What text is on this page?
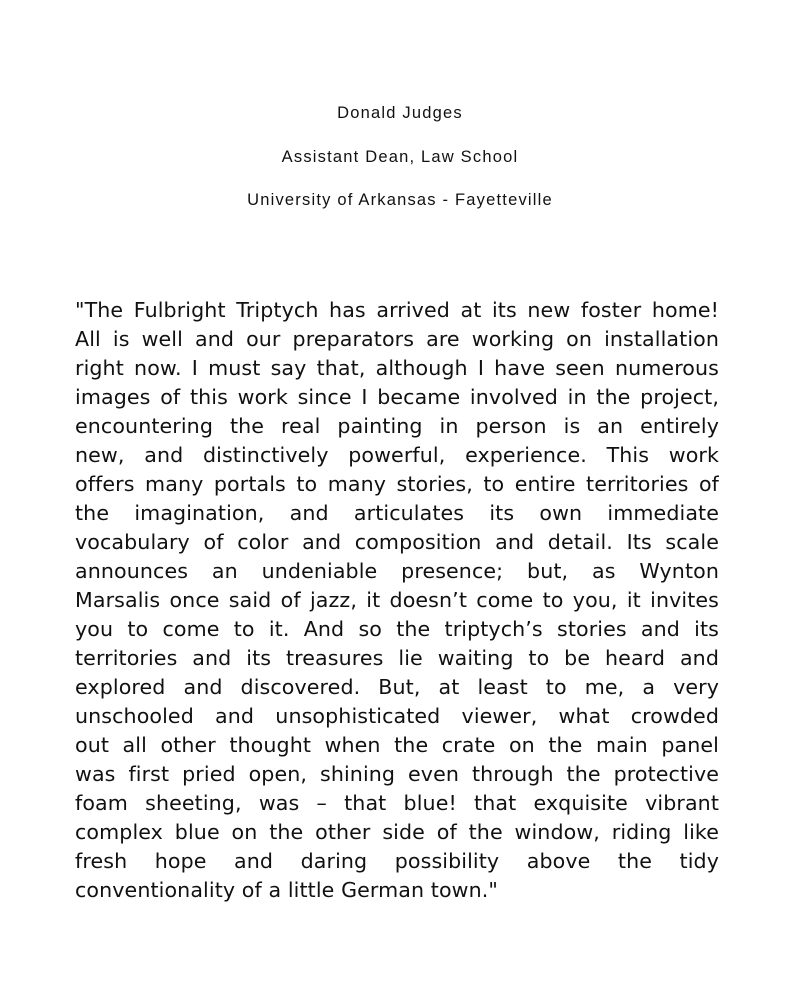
Donald Judges
Assistant Dean, Law School
University of Arkansas - Fayetteville

"The Fulbright Triptych has arrived at its new foster home!
All is well and our preparators are working on installation
right now. I must say that, although I have seen numerous
images of this work since I became involved in the project,
encountering the real painting in person is an entirely
new, and distinctively powerful, experience. This work
offers many portals to many stories, to entire territories of
the imagination, and articulates its own immediate
vocabulary of color and composition and detail. Its scale
announces an undeniable presence; but, as Wynton
Marsalis once said of jazz, it doesn’t come to you, it invites
you to come to it. And so the triptych’s stories and its
territories and its treasures lie waiting to be heard and
explored and discovered. But, at least to me, a very
unschooled and unsophisticated viewer, what crowded
out all other thought when the crate on the main panel
was first pried open, shining even through the protective
foam sheeting, was – that blue! that exquisite vibrant
complex blue on the other side of the window, riding like
fresh hope and daring possibility above the tidy
conventionality of a little German town."
